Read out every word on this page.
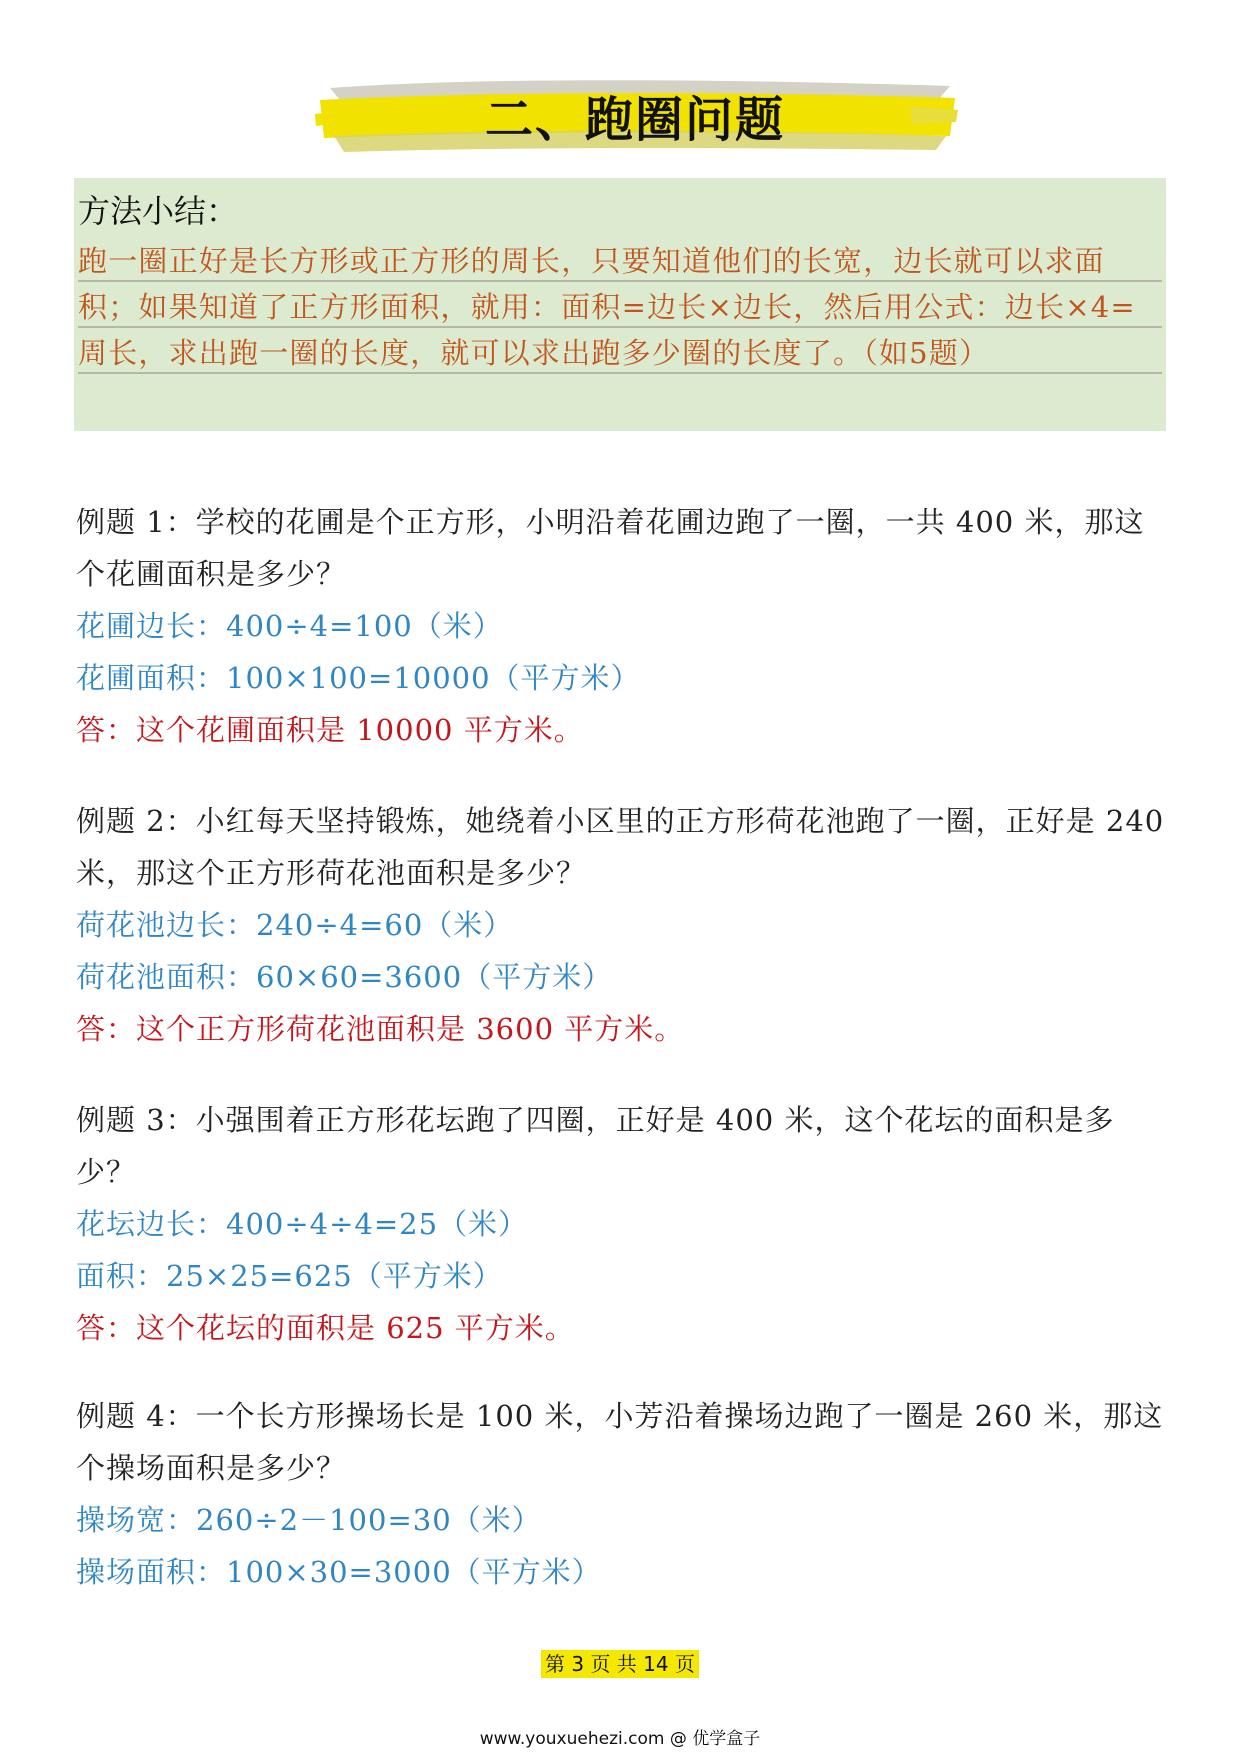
二、跑圈问题
方法小结：
跑一圈正好是长方形或正方形的周长，只要知道他们的长宽，边长就可以求面积；如果知道了正方形面积，就用：面积=边长×边长，然后用公式：边长×4=周长，求出跑一圈的长度，就可以求出跑多少圈的长度了。（如5题）
例题 1：学校的花圃是个正方形，小明沿着花圃边跑了一圈，一共 400 米，那这个花圃面积是多少？
花圃边长：400÷4=100（米）
花圃面积：100×100=10000（平方米）
答：这个花圃面积是 10000 平方米。
例题 2：小红每天坚持锻炼，她绕着小区里的正方形荷花池跑了一圈，正好是 240 米，那这个正方形荷花池面积是多少？
荷花池边长：240÷4=60（米）
荷花池面积：60×60=3600（平方米）
答：这个正方形荷花池面积是 3600 平方米。
例题 3：小强围着正方形花坛跑了四圈，正好是 400 米，这个花坛的面积是多少？
花坛边长：400÷4÷4=25（米）
面积：25×25=625（平方米）
答：这个花坛的面积是 625 平方米。
例题 4：一个长方形操场长是 100 米，小芳沿着操场边跑了一圈是 260 米，那这个操场面积是多少？
操场宽：260÷2－100=30（米）
操场面积：100×30=3000（平方米）
第 3 页 共 14 页
www.youxuehezi.com @ 优学盒子
